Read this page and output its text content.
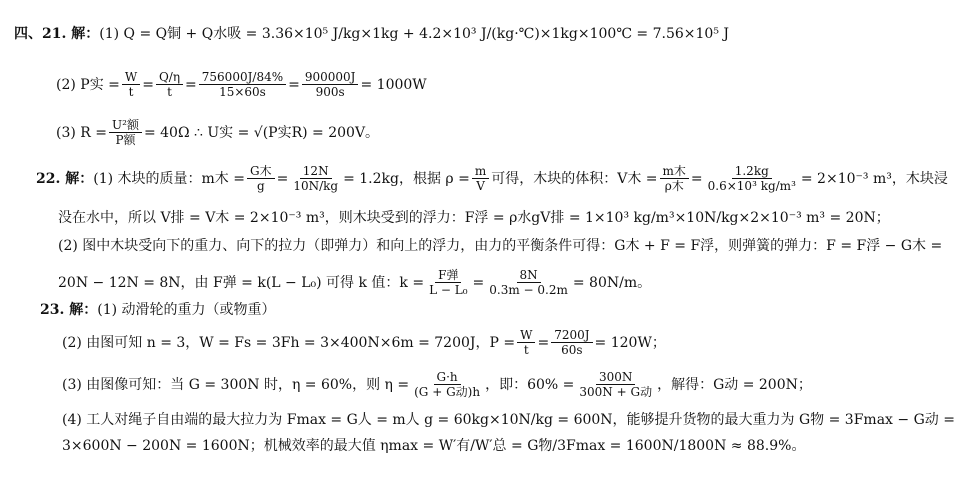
四、21. 解： (1) Q = Q铜 + Q水吸 = 3.36×10⁵ J/kg×1kg + 4.2×10³ J/(kg·℃)×1kg×100℃ = 7.56×10⁵ J
(2) P实 = $\frac{W}{t} = \frac{Q/\eta}{t} = \frac{756000J/84\%}{15\times 60s} = \frac{900000J}{900s} = 1000W$
(3) $R = \frac{\text{U²额}}{\text{P额}} = 40\Omega$ ∴ U实 = √(P实R) = 200V。
22. 解： (1) 木块的质量：m木 = $\frac{\text{G木}}{g} = \frac{12N}{10N/kg} = 1.2kg$，根据 $\rho = \frac{m}{V}$ 可得，木块的体积：V木 = $\frac{\text{m木}}{\text{ρ木}} = \frac{1.2kg}{\text{0.6×10³ kg/m³}} = 2\times 10^{-3}$ m³，木块浸
没在水中，所以 V排 = V木 = 2×10⁻³ m³，则木块受到的浮力：F浮 = ρ水gV排 = 1×10³ kg/m³×10N/kg×2×10⁻³ m³ = 20N；
(2) 图中木块受向下的重力、向下的拉力（即弹力）和向上的浮力，由力的平衡条件可得：G木 + F = F浮，则弹簧的弹力：F = F浮 − G木 =
20N − 12N = 8N，由 F弹 = k(L − L₀) 可得 k 值：$k = \frac{\text{F弹}}{\text{L − L₀}} = \frac{8N}{0.3m - 0.2m} = 80N/m$。
23. 解： (1) 动滑轮的重力（或物重）
(2) 由图可知 n = 3，W = Fs = 3Fh = 3×400N×6m = 7200J，$P = \frac{W}{t} = \frac{7200J}{60s} = 120W$；
(3) 由图像可知：当 G = 300N 时，η = 60%，则 $\eta = \frac{G\cdot h}{\text{(G + G动)h}}$ ，即：$60\% = \frac{300N}{\text{300N + G动}}$ ，解得：G动 = 200N；
(4) 工人对绳子自由端的最大拉力为 Fmax = G人 = m人 g = 60kg×10N/kg = 600N，能够提升货物的最大重力为 G物 = 3Fmax − G动 =
3×600N − 200N = 1600N；机械效率的最大值 ηmax = W′有/W′总 = G物/3Fmax = 1600N/1800N ≈ 88.9%。
